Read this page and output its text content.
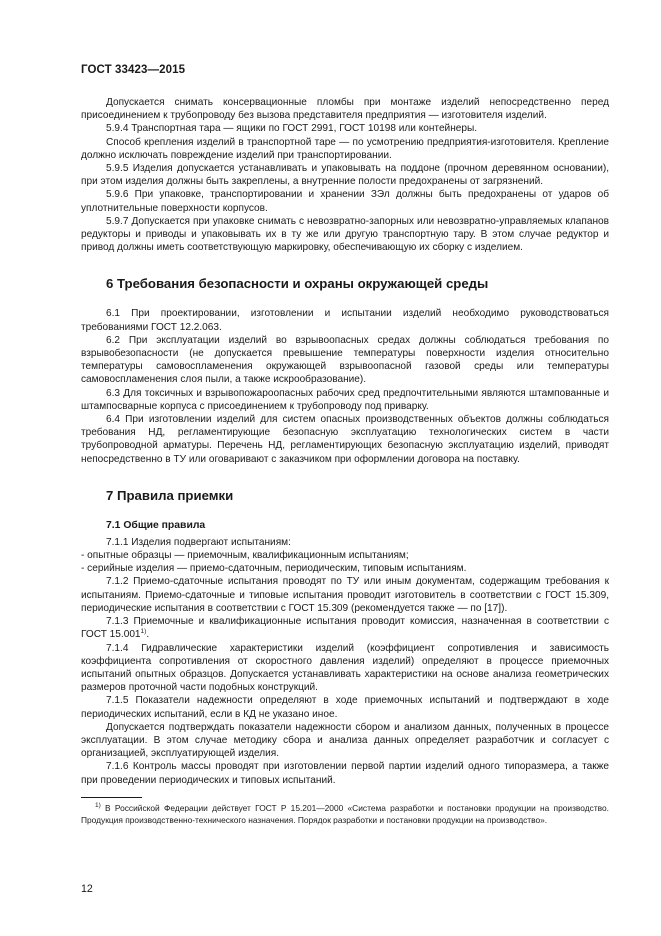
ГОСТ 33423—2015

Допускается снимать консервационные пломбы при монтаже изделий непосредственно перед присоединением к трубопроводу без вызова представителя предприятия — изготовителя изделий.

5.9.4 Транспортная тара — ящики по ГОСТ 2991, ГОСТ 10198 или контейнеры.

Способ крепления изделий в транспортной таре — по усмотрению предприятия-изготовителя. Крепление должно исключать повреждение изделий при транспортировании.

5.9.5 Изделия допускается устанавливать и упаковывать на поддоне (прочном деревянном основании), при этом изделия должны быть закреплены, а внутренние полости предохранены от загрязнений.

5.9.6 При упаковке, транспортировании и хранении ЗЭл должны быть предохранены от ударов об уплотнительные поверхности корпусов.

5.9.7 Допускается при упаковке снимать с невозвратно-запорных или невозвратно-управляемых клапанов редукторы и приводы и упаковывать их в ту же или другую транспортную тару. В этом случае редуктор и привод должны иметь соответствующую маркировку, обеспечивающую их сборку с изделием.

6 Требования безопасности и охраны окружающей среды

6.1 При проектировании, изготовлении и испытании изделий необходимо руководствоваться требованиями ГОСТ 12.2.063.

6.2 При эксплуатации изделий во взрывоопасных средах должны соблюдаться требования по взрывобезопасности (не допускается превышение температуры поверхности изделия относительно температуры самовоспламенения окружающей взрывоопасной газовой среды или температуры самовоспламенения слоя пыли, а также искрообразование).

6.3 Для токсичных и взрывопожароопасных рабочих сред предпочтительными являются штампованные и штампосварные корпуса с присоединением к трубопроводу под приварку.

6.4 При изготовлении изделий для систем опасных производственных объектов должны соблюдаться требования НД, регламентирующие безопасную эксплуатацию технологических систем в части трубопроводной арматуры. Перечень НД, регламентирующих безопасную эксплуатацию изделий, приводят непосредственно в ТУ или оговаривают с заказчиком при оформлении договора на поставку.

7 Правила приемки
7.1 Общие правила

7.1.1 Изделия подвергают испытаниям:

- опытные образцы — приемочным, квалификационным испытаниям;

- серийные изделия — приемо-сдаточным, периодическим, типовым испытаниям.

7.1.2 Приемо-сдаточные испытания проводят по ТУ или иным документам, содержащим требования к испытаниям. Приемо-сдаточные и типовые испытания проводит изготовитель в соответствии с ГОСТ 15.309, периодические испытания в соответствии с ГОСТ 15.309 (рекомендуется также — по [17]).

7.1.3 Приемочные и квалификационные испытания проводит комиссия, назначенная в соответствии с ГОСТ 15.001$^{1)}$.

7.1.4 Гидравлические характеристики изделий (коэффициент сопротивления и зависимость коэффициента сопротивления от скоростного давления изделий) определяют в процессе приемочных испытаний опытных образцов. Допускается устанавливать характеристики на основе анализа геометрических размеров проточной части подобных конструкций.

7.1.5 Показатели надежности определяют в ходе приемочных испытаний и подтверждают в ходе периодических испытаний, если в КД не указано иное.

Допускается подтверждать показатели надежности сбором и анализом данных, полученных в процессе эксплуатации. В этом случае методику сбора и анализа данных определяет разработчик и согласует с организацией, эксплуатирующей изделия.

7.1.6 Контроль массы проводят при изготовлении первой партии изделий одного типоразмера, а также при проведении периодических и типовых испытаний.

$^{1)}$ В Российской Федерации действует ГОСТ Р 15.201—2000 «Система разработки и постановки продукции на производство. Продукция производственно-технического назначения. Порядок разработки и постановки продукции на производство».

12
